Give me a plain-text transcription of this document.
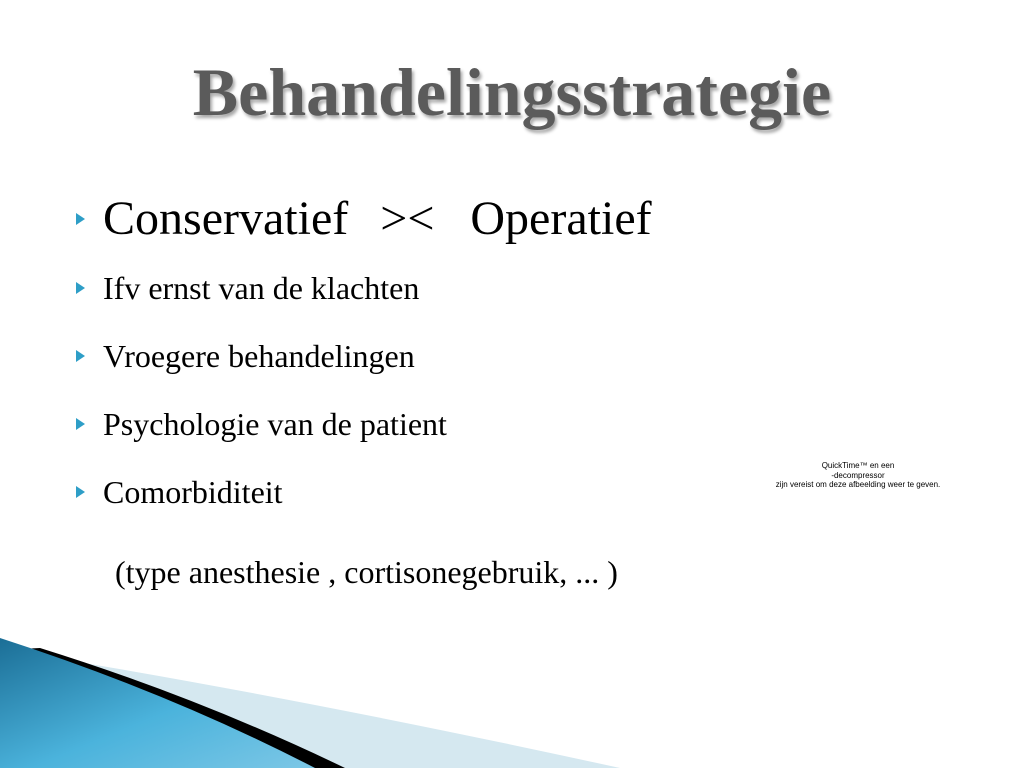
Behandelingsstrategie
Conservatief >< Operatief
Ifv ernst van de klachten
Vroegere behandelingen
Psychologie van de patient
Comorbiditeit

(type anesthesie , cortisonegebruik, ... )

QuickTime™ en een
-decompressor
zijn vereist om deze afbeelding weer te geven.
